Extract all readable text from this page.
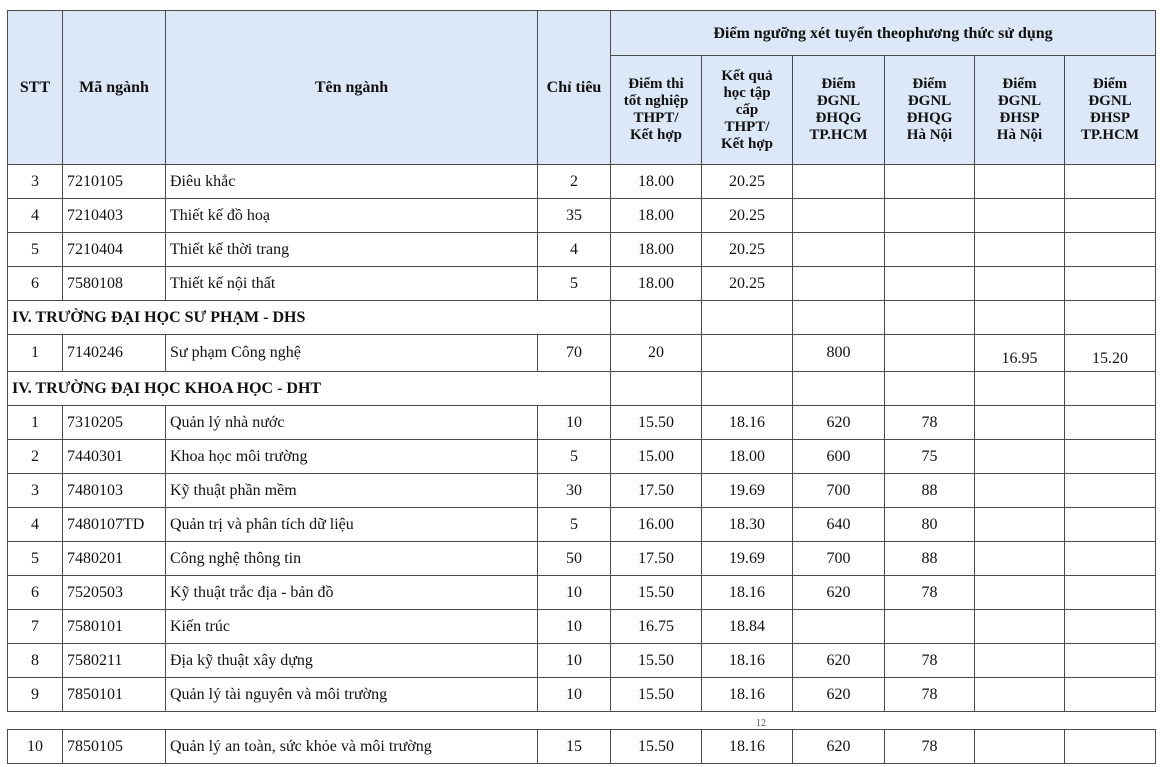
STT	Mã ngành	Tên ngành	Chỉ tiêu	Điểm ngưỡng xét tuyển theophương thức sử dụng					
				Điểm thi
tốt nghiệp
THPT/
Kết hợp	Kết quả
học tập
cấp
THPT/
Kết hợp	Điểm
ĐGNL
ĐHQG
TP.HCM	Điểm
ĐGNL
ĐHQG
Hà Nội	Điểm
ĐGNL
ĐHSP
Hà Nội	Điểm
ĐGNL
ĐHSP
TP.HCM
3	7210105	Điêu khắc	2	18.00	20.25				
4	7210403	Thiết kế đồ hoạ	35	18.00	20.25				
5	7210404	Thiết kế thời trang	4	18.00	20.25				
6	7580108	Thiết kế nội thất	5	18.00	20.25				
IV. TRƯỜNG ĐẠI HỌC SƯ PHẠM - DHS									
1	7140246	Sư phạm Công nghệ	70	20		800		16.95	15.20
IV. TRƯỜNG ĐẠI HỌC KHOA HỌC - DHT									
1	7310205	Quản lý nhà nước	10	15.50	18.16	620	78		
2	7440301	Khoa học môi trường	5	15.00	18.00	600	75		
3	7480103	Kỹ thuật phần mềm	30	17.50	19.69	700	88		
4	7480107TD	Quản trị và phân tích dữ liệu	5	16.00	18.30	640	80		
5	7480201	Công nghệ thông tin	50	17.50	19.69	700	88		
6	7520503	Kỹ thuật trắc địa - bản đồ	10	15.50	18.16	620	78		
7	7580101	Kiến trúc	10	16.75	18.84				
8	7580211	Địa kỹ thuật xây dựng	10	15.50	18.16	620	78		
9	7850101	Quản lý tài nguyên và môi trường	10	15.50	18.16	620	78		
12
10	7850105	Quản lý an toàn, sức khỏe và môi trường	15	15.50	18.16	620	78		
